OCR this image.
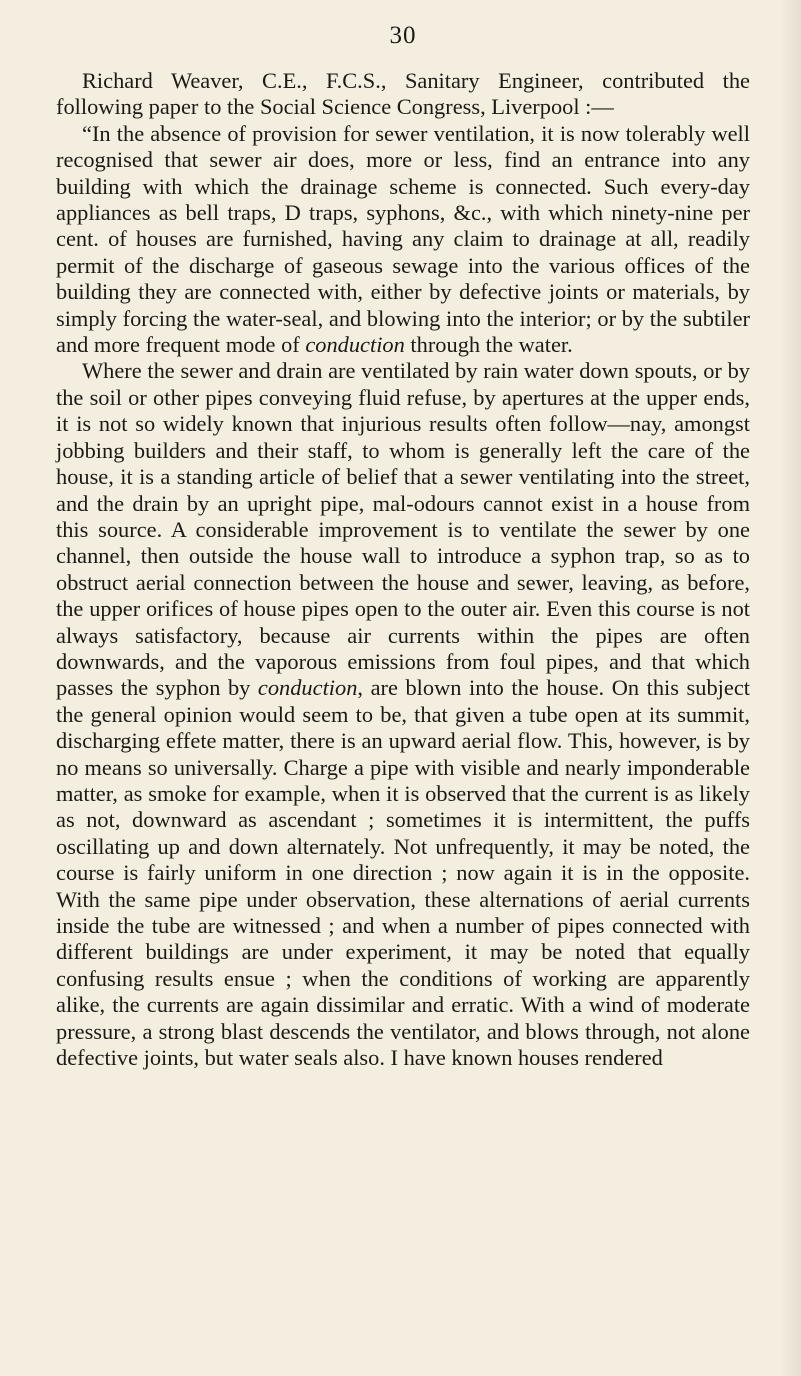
30

Richard Weaver, C.E., F.C.S., Sanitary Engineer, contributed the following paper to the Social Science Congress, Liverpool :—

“In the absence of provision for sewer ventilation, it is now tolerably well recognised that sewer air does, more or less, find an entrance into any building with which the drainage scheme is connected. Such every-day appliances as bell traps, D traps, syphons, &c., with which ninety-nine per cent. of houses are furnished, having any claim to drainage at all, readily permit of the discharge of gaseous sewage into the various offices of the building they are connected with, either by defective joints or materials, by simply forcing the water-seal, and blowing into the interior; or by the subtiler and more frequent mode of conduction through the water.

Where the sewer and drain are ventilated by rain water down spouts, or by the soil or other pipes conveying fluid refuse, by apertures at the upper ends, it is not so widely known that injurious results often follow—nay, amongst jobbing builders and their staff, to whom is generally left the care of the house, it is a standing article of belief that a sewer ventilating into the street, and the drain by an upright pipe, mal-odours cannot exist in a house from this source. A considerable improvement is to ventilate the sewer by one channel, then outside the house wall to introduce a syphon trap, so as to obstruct aerial connection between the house and sewer, leaving, as before, the upper orifices of house pipes open to the outer air. Even this course is not always satisfactory, because air currents within the pipes are often downwards, and the vaporous emissions from foul pipes, and that which passes the syphon by conduction, are blown into the house. On this subject the general opinion would seem to be, that given a tube open at its summit, discharging effete matter, there is an upward aerial flow. This, however, is by no means so universally. Charge a pipe with visible and nearly imponderable matter, as smoke for example, when it is observed that the current is as likely as not, downward as ascendant ; sometimes it is intermittent, the puffs oscillating up and down alternately. Not unfrequently, it may be noted, the course is fairly uniform in one direction ; now again it is in the opposite. With the same pipe under observation, these alternations of aerial currents inside the tube are witnessed ; and when a number of pipes connected with different buildings are under experiment, it may be noted that equally confusing results ensue ; when the conditions of working are apparently alike, the currents are again dissimilar and erratic. With a wind of moderate pressure, a strong blast descends the ventilator, and blows through, not alone defective joints, but water seals also. I have known houses rendered
